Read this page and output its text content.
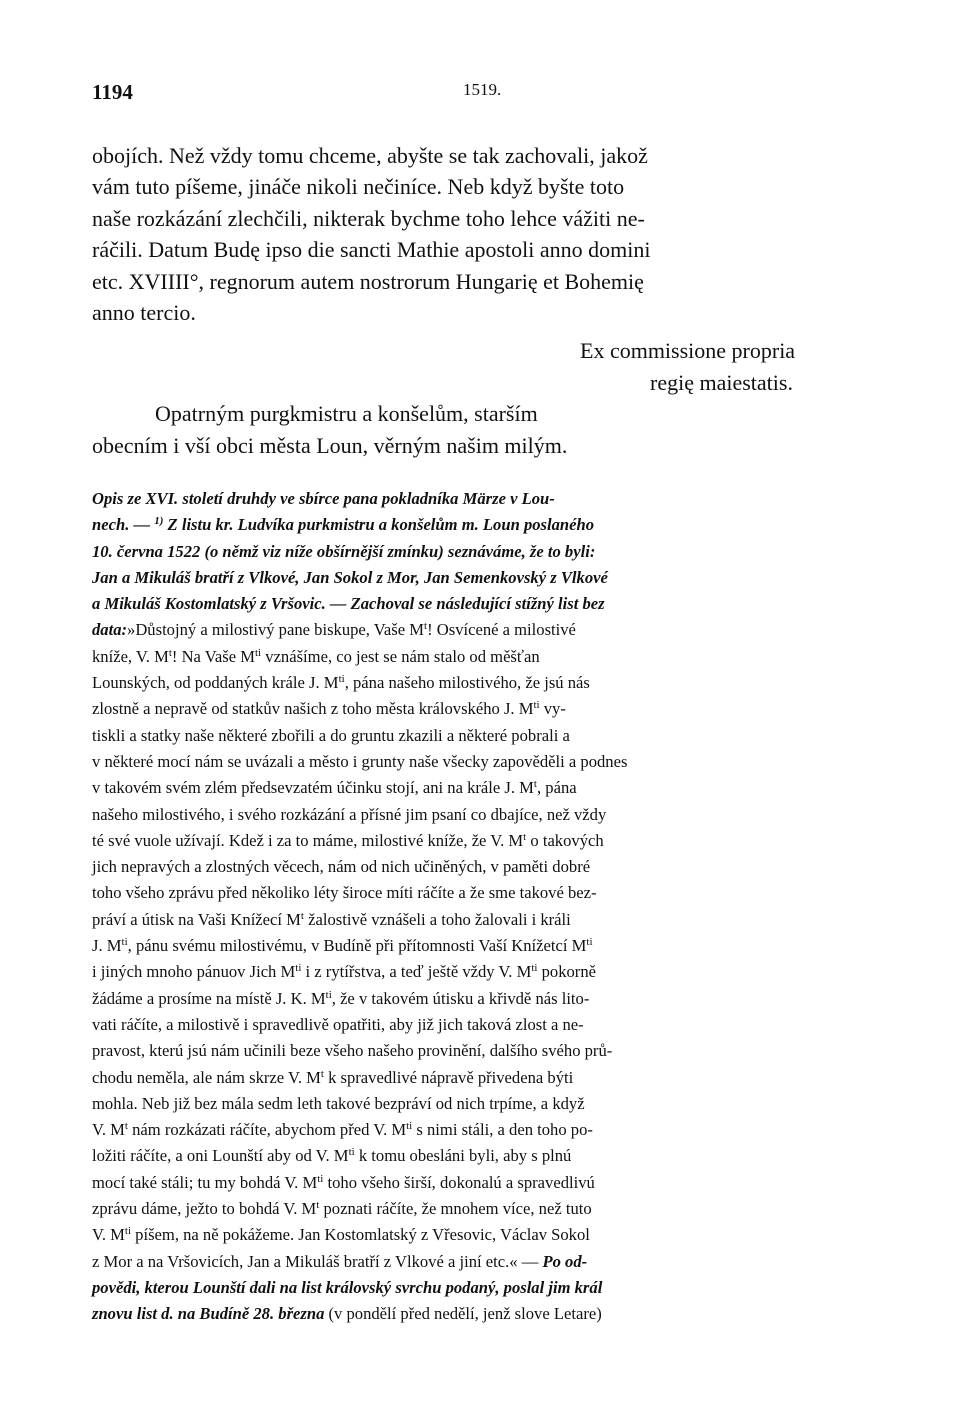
1194	1519.
obojích. Než vždy tomu chceme, abyšte se tak zachovali, jakož
vám tuto píšeme, jináče nikoli nečiníce. Neb když byšte toto
naše rozkázání zlechčili, nikterak bychme toho lehce vážiti ne-
ráčili. Datum Budę ipso die sancti Mathie apostoli anno domini
etc. XVIIII°, regnorum autem nostrorum Hungarię et Bohemię
anno tercio.
Ex commissione propria
regię maiestatis.
Opatrným purgkmistru a konšelům, starším
obecním i vší obci města Loun, věrným našim milým.
Opis ze XVI. století druhdy ve sbírce pana pokladníka Märze v Lou-
nech. — $^{1)}$ Z listu kr. Ludvíka purkmistru a konšelům m. Loun poslaného
10. června 1522 (o němž viz níže obšírnější zmínku) seznáváme, že to byli:
Jan a Mikuláš bratří z Vlkové, Jan Sokol z Mor, Jan Semenkovský z Vlkové
a Mikuláš Kostomlatský z Vršovic. — Zachoval se následující stížný list bez
data:»Důstojný a milostivý pane biskupe, Vaše $M^t$! Osvícené a milostivé
kníže, V. $M^t$! Na Vaše $M^{ti}$ vznášíme, co jest se nám stalo od měšťan
Lounských, od poddaných krále J. $M^{ti}$, pána našeho milostivého, že jsú nás
zlostně a nepravě od statkův našich z toho města královského J. $M^{ti}$ vy-
tiskli a statky naše některé zbořili a do gruntu zkazili a některé pobrali a
v některé mocí nám se uvázali a město i grunty naše všecky zapověděli a podnes
v takovém svém zlém předsevzatém účinku stojí, ani na krále J. $M^t$, pána
našeho milostivého, i svého rozkázání a přísné jim psaní co dbajíce, než vždy
té své vuole užívají. Kdež i za to máme, milostivé kníže, že V. $M^t$ o takových
jich nepravých a zlostných věcech, nám od nich učiněných, v paměti dobré
toho všeho zprávu před několiko léty široce míti ráčíte a že sme takové bez-
práví a útisk na Vaši Knížecí $M^t$ žalostivě vznášeli a toho žalovali i králi
J. $M^{ti}$, pánu svému milostivému, v Budíně při přítomnosti Vaší Knížetcí $M^{ti}$
i jiných mnoho pánuov Jich $M^{ti}$ i z rytířstva, a teď ještě vždy V. $M^{ti}$ pokorně
žádáme a prosíme na místě J. K. $M^{ti}$, že v takovém útisku a křivdě nás lito-
vati ráčíte, a milostivě i spravedlivě opatřiti, aby již jich taková zlost a ne-
pravost, kterú jsú nám učinili beze všeho našeho provinění, dalšího svého prů-
chodu neměla, ale nám skrze V. $M^t$ k spravedlivé nápravě přivedena býti
mohla. Neb již bez mála sedm leth takové bezpráví od nich trpíme, a když
V. $M^t$ nám rozkázati ráčíte, abychom před V. $M^{ti}$ s nimi stáli, a den toho po-
ložiti ráčíte, a oni Lounští aby od V. $M^{ti}$ k tomu obesláni byli, aby s plnú
mocí také stáli; tu my bohdá V. $M^{ti}$ toho všeho širší, dokonalú a spravedlivú
zprávu dáme, ježto to bohdá V. $M^t$ poznati ráčíte, že mnohem více, než tuto
V. $M^{ti}$ píšem, na ně pokážeme. Jan Kostomlatský z Vřesovic, Václav Sokol
z Mor a na Vršovicích, Jan a Mikuláš bratří z Vlkové a jiní etc.« — Po od-
povědi, kterou Lounští dali na list královský svrchu podaný, poslal jim král
znovu list d. na Budíně 28. března (v pondělí před nedělí, jenž slove Letare)
